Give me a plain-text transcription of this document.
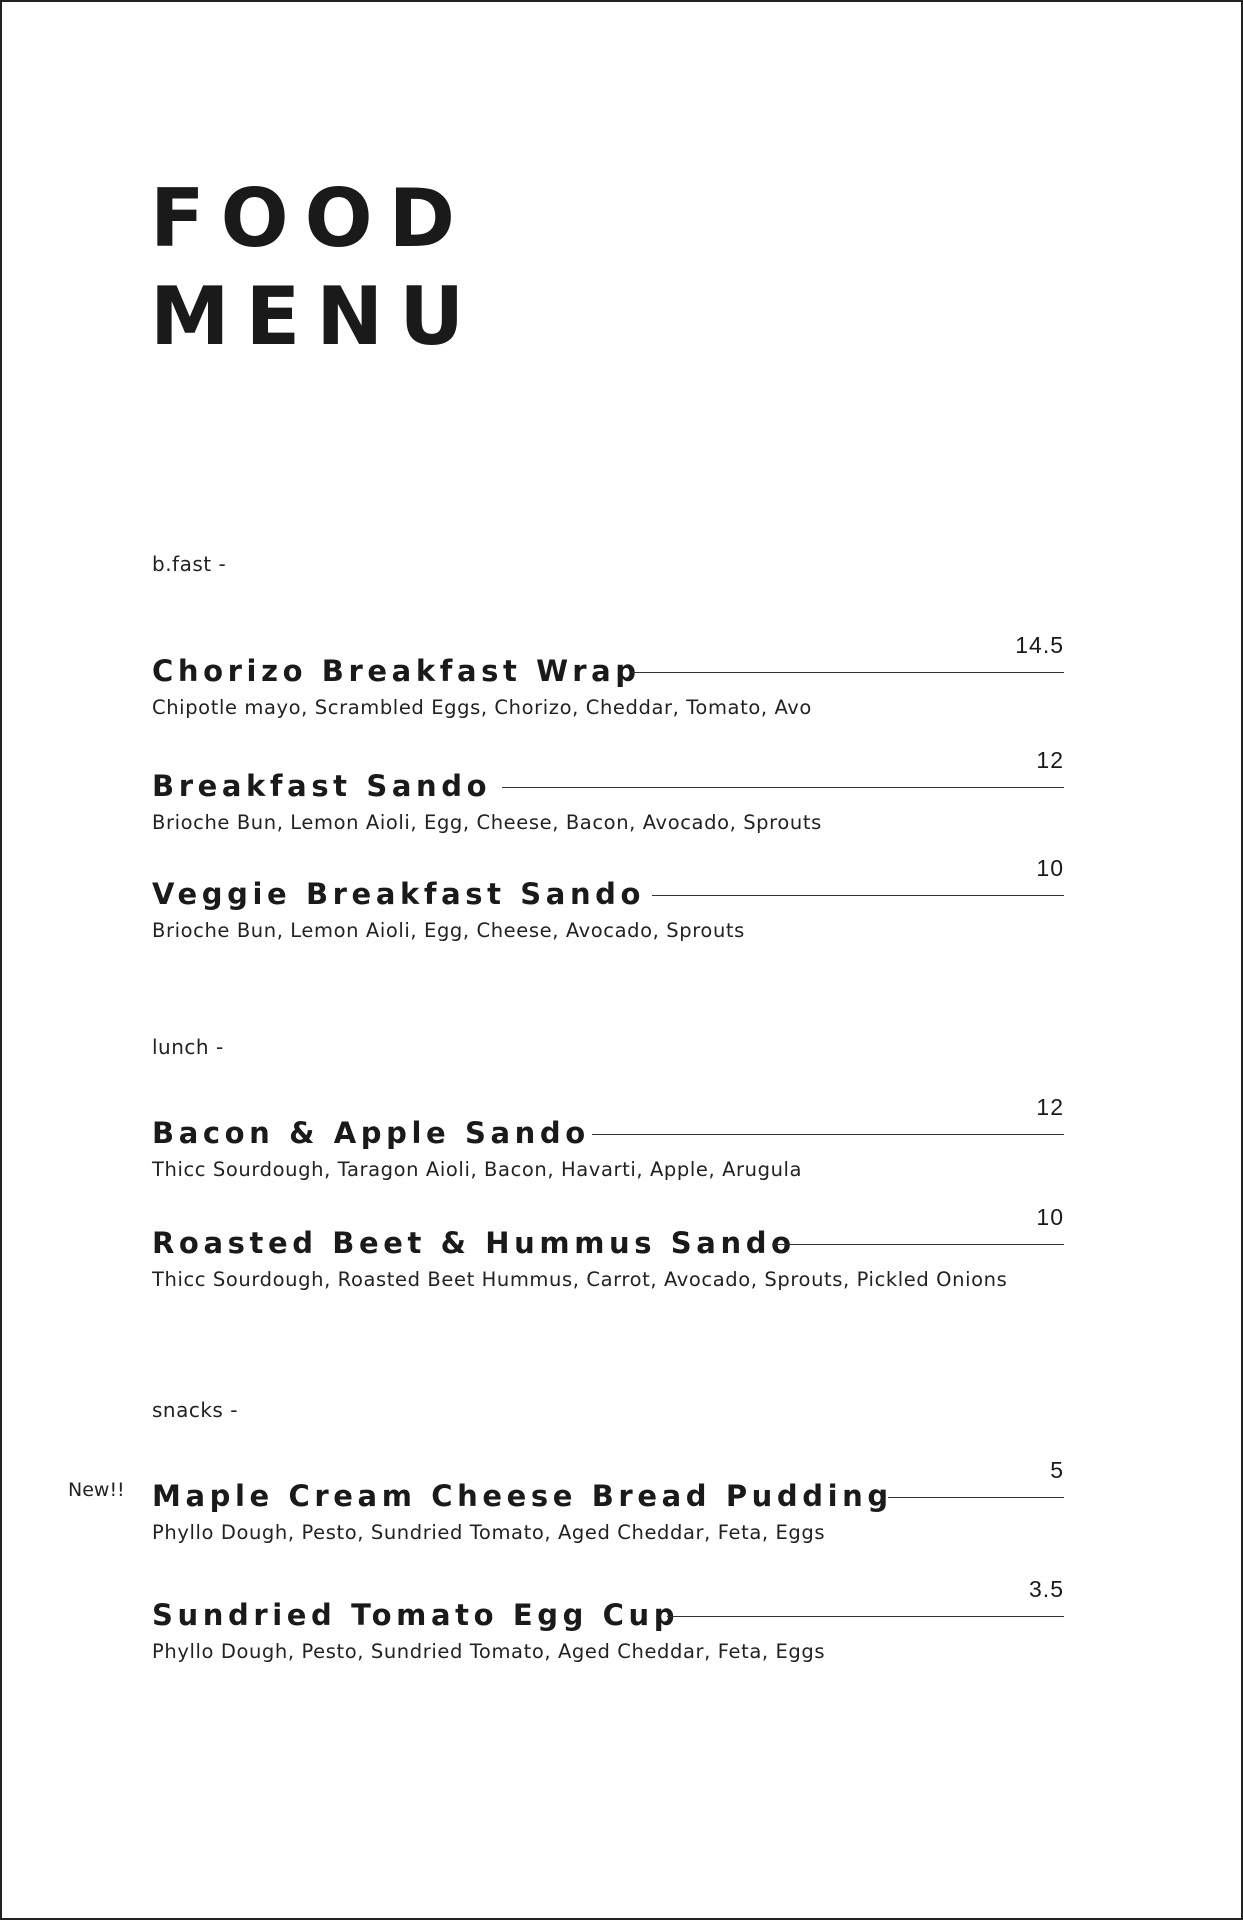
FOOD
MENU
b.fast -
Chorizo Breakfast Wrap
14.5
Chipotle mayo, Scrambled Eggs, Chorizo, Cheddar, Tomato, Avo
Breakfast Sando
12
Brioche Bun, Lemon Aioli, Egg, Cheese, Bacon, Avocado, Sprouts
Veggie Breakfast Sando
10
Brioche Bun, Lemon Aioli, Egg, Cheese, Avocado, Sprouts
lunch -
Bacon & Apple Sando
12
Thicc Sourdough, Taragon Aioli, Bacon, Havarti, Apple, Arugula
Roasted Beet & Hummus Sando
10
Thicc Sourdough, Roasted Beet Hummus, Carrot, Avocado, Sprouts, Pickled Onions
snacks -
New!! Maple Cream Cheese Bread Pudding
5
Phyllo Dough, Pesto, Sundried Tomato, Aged Cheddar, Feta, Eggs
Sundried Tomato Egg Cup
3.5
Phyllo Dough, Pesto, Sundried Tomato, Aged Cheddar, Feta, Eggs
